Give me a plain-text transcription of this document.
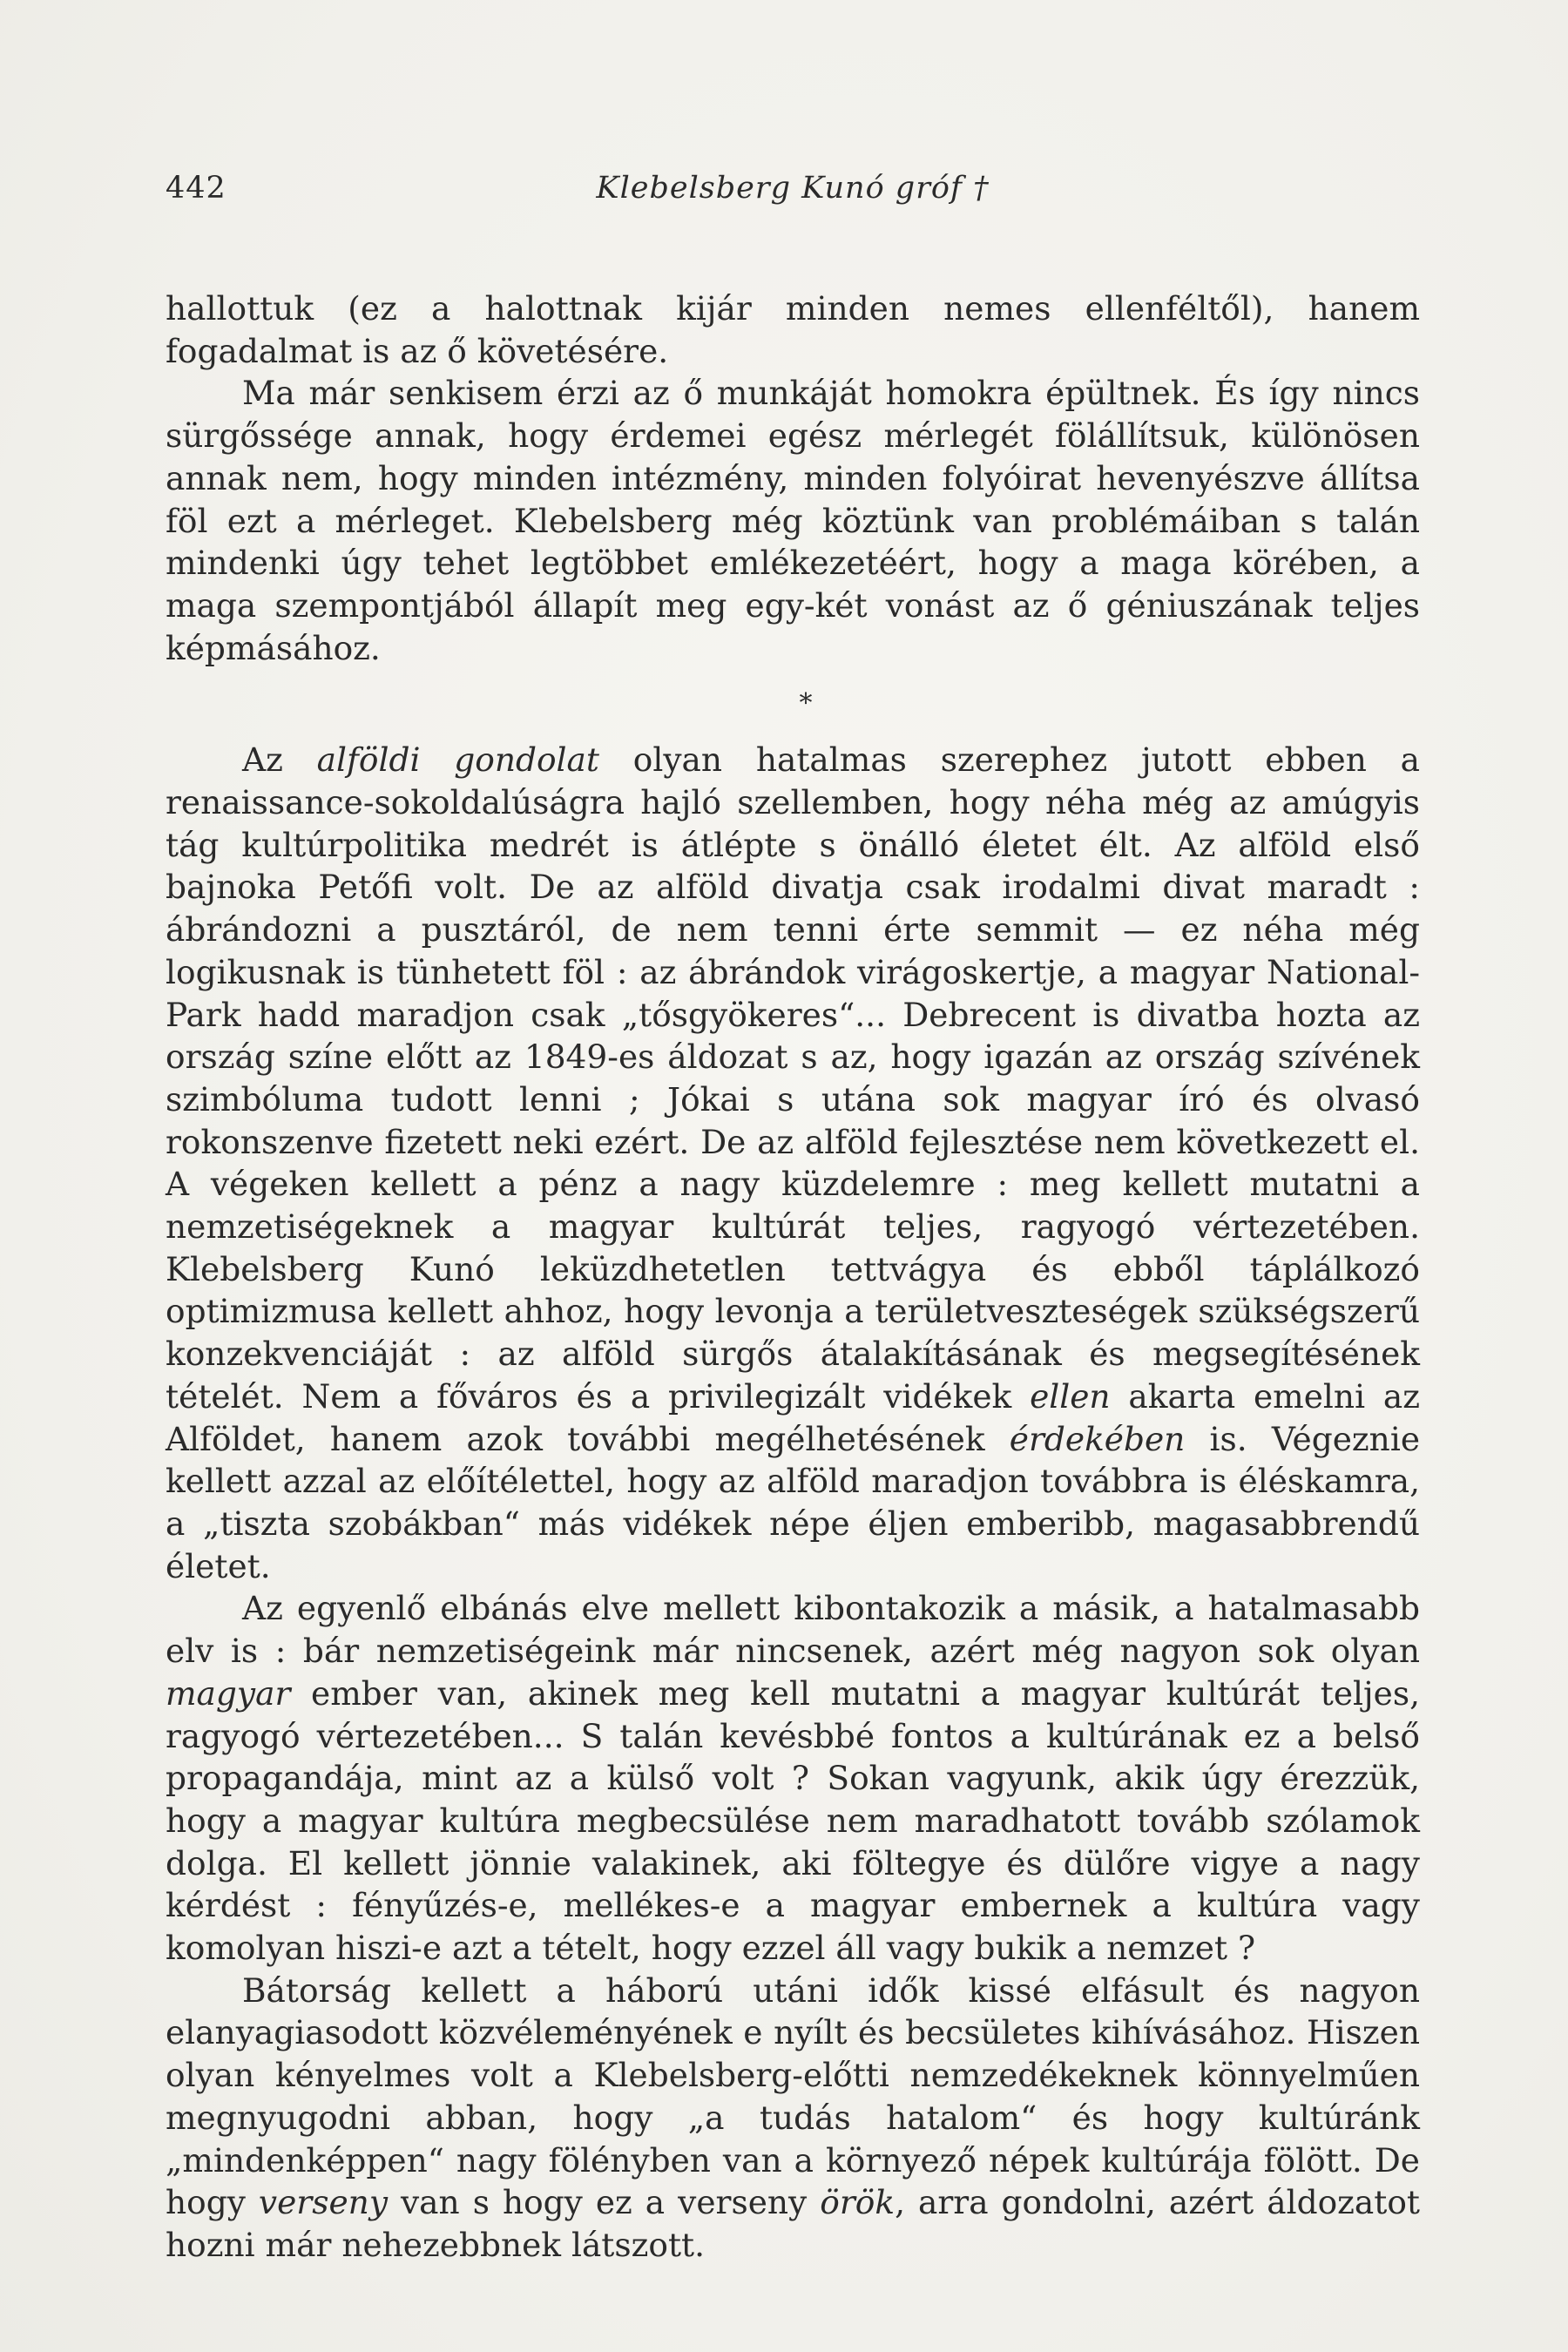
442	Klebelsberg Kunó gróf †

hallottuk (ez a halottnak kijár minden nemes ellenféltől), hanem fogadalmat is az ő követésére.

Ma már senkisem érzi az ő munkáját homokra épültnek. És így nincs sürgőssége annak, hogy érdemei egész mérlegét fölállítsuk, különösen annak nem, hogy minden intézmény, minden folyóirat hevenyészve állítsa föl ezt a mérleget. Klebelsberg még köztünk van problémáiban s talán mindenki úgy tehet legtöbbet emlékezetéért, hogy a maga körében, a maga szempontjából állapít meg egy-két vonást az ő géniuszának teljes képmásához.

*

Az alföldi gondolat olyan hatalmas szerephez jutott ebben a renaissance-sokoldalúságra hajló szellemben, hogy néha még az amúgyis tág kultúrpolitika medrét is átlépte s önálló életet élt. Az alföld első bajnoka Petőfi volt. De az alföld divatja csak irodalmi divat maradt : ábrándozni a pusztáról, de nem tenni érte semmit — ez néha még logikusnak is tünhetett föl : az ábrándok virágoskertje, a magyar National-Park hadd maradjon csak „tősgyökeres“... Debrecent is divatba hozta az ország színe előtt az 1849-es áldozat s az, hogy igazán az ország szívének szimbóluma tudott lenni ; Jókai s utána sok magyar író és olvasó rokonszenve fizetett neki ezért. De az alföld fejlesztése nem következett el. A végeken kellett a pénz a nagy küzdelemre : meg kellett mutatni a nemzetiségeknek a magyar kultúrát teljes, ragyogó vértezetében. Klebelsberg Kunó leküzdhetetlen tettvágya és ebből táplálkozó optimizmusa kellett ahhoz, hogy levonja a területveszteségek szükségszerű konzekvenciáját : az alföld sürgős átalakításának és megsegítésének tételét. Nem a főváros és a privilegizált vidékek ellen akarta emelni az Alföldet, hanem azok további megélhetésének érdekében is. Végeznie kellett azzal az előítélettel, hogy az alföld maradjon továbbra is éléskamra, a „tiszta szobákban“ más vidékek népe éljen emberibb, magasabbrendű életet.

Az egyenlő elbánás elve mellett kibontakozik a másik, a hatalmasabb elv is : bár nemzetiségeink már nincsenek, azért még nagyon sok olyan magyar ember van, akinek meg kell mutatni a magyar kultúrát teljes, ragyogó vértezetében... S talán kevésbbé fontos a kultúrának ez a belső propagandája, mint az a külső volt ? Sokan vagyunk, akik úgy érezzük, hogy a magyar kultúra megbecsülése nem maradhatott tovább szólamok dolga. El kellett jönnie valakinek, aki föltegye és dülőre vigye a nagy kérdést : fényűzés-e, mellékes-e a magyar embernek a kultúra vagy komolyan hiszi-e azt a tételt, hogy ezzel áll vagy bukik a nemzet ?

Bátorság kellett a háború utáni idők kissé elfásult és nagyon elanyagiasodott közvéleményének e nyílt és becsületes kihívásához. Hiszen olyan kényelmes volt a Klebelsberg-előtti nemzedékeknek könnyelműen megnyugodni abban, hogy „a tudás hatalom“ és hogy kultúránk „mindenképpen“ nagy fölényben van a környező népek kultúrája fölött. De hogy verseny van s hogy ez a verseny örök, arra gondolni, azért áldozatot hozni már nehezebbnek látszott.
